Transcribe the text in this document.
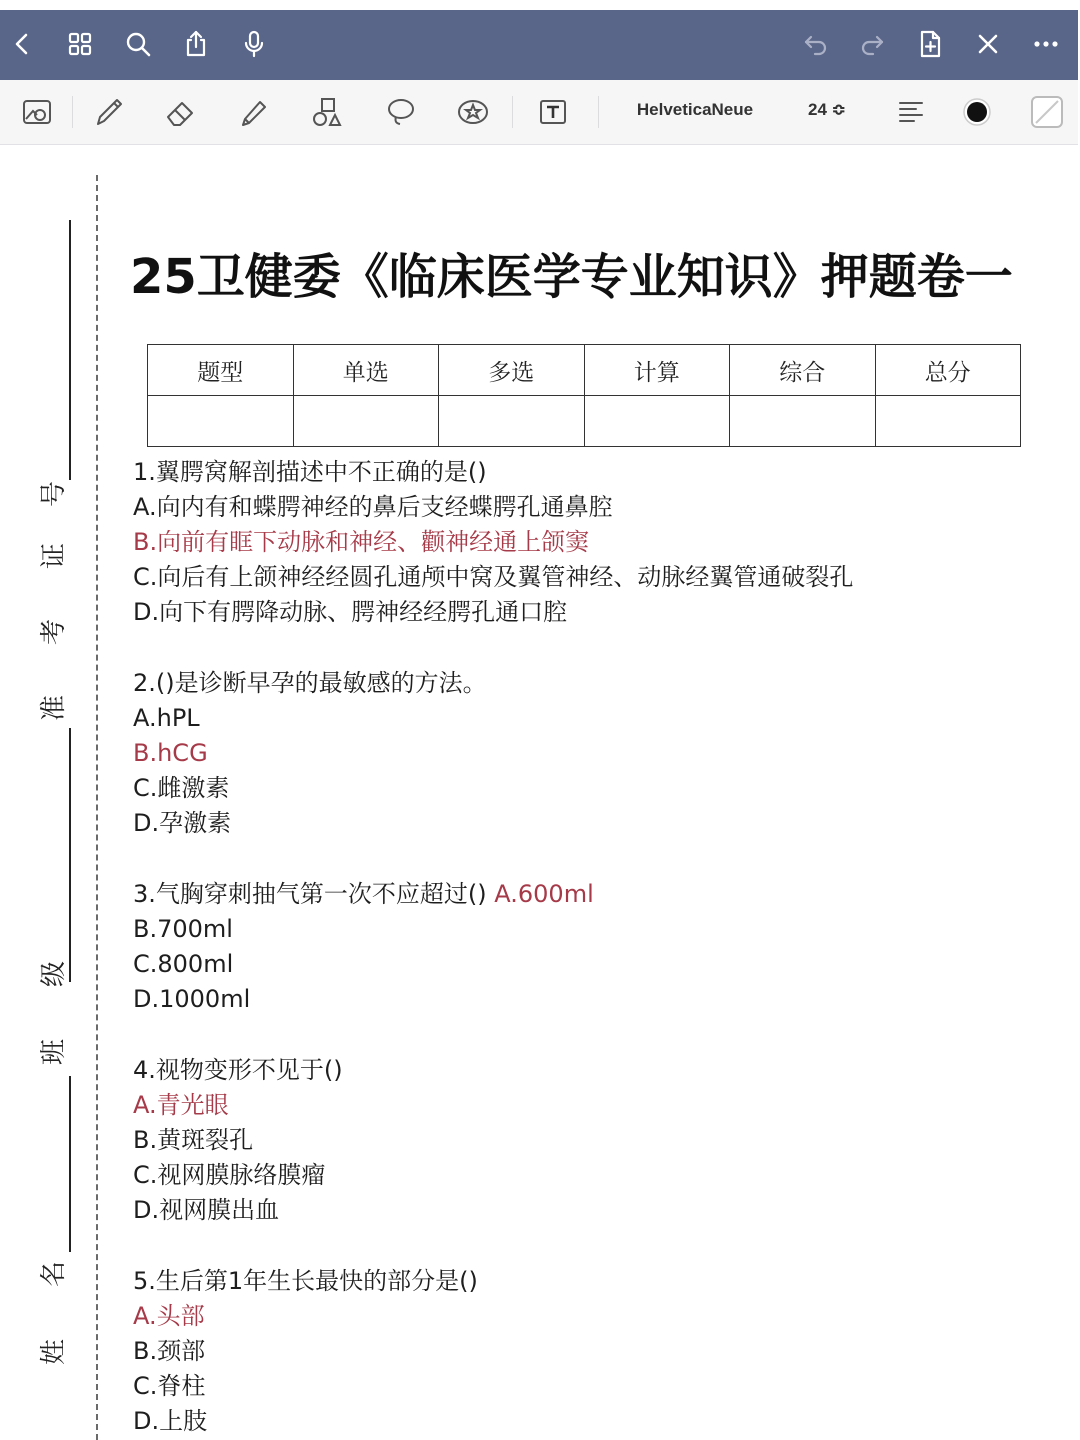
HelveticaNeue	24 ≎
号
证
考
准
级
班
名
姓
25卫健委《临床医学专业知识》押题卷一
题型	单选	多选	计算	综合	总分

1.翼腭窝解剖描述中不正确的是()
A.向内有和蝶腭神经的鼻后支经蝶腭孔通鼻腔
B.向前有眶下动脉和神经、颧神经通上颌窦
C.向后有上颌神经经圆孔通颅中窝及翼管神经、动脉经翼管通破裂孔
D.向下有腭降动脉、腭神经经腭孔通口腔
2.()是诊断早孕的最敏感的方法。
A.hPL
B.hCG
C.雌激素
D.孕激素
3.气胸穿刺抽气第一次不应超过() A.600ml
B.700ml
C.800ml
D.1000ml
4.视物变形不见于()
A.青光眼
B.黄斑裂孔
C.视网膜脉络膜瘤
D.视网膜出血
5.生后第1年生长最快的部分是()
A.头部
B.颈部
C.脊柱
D.上肢
